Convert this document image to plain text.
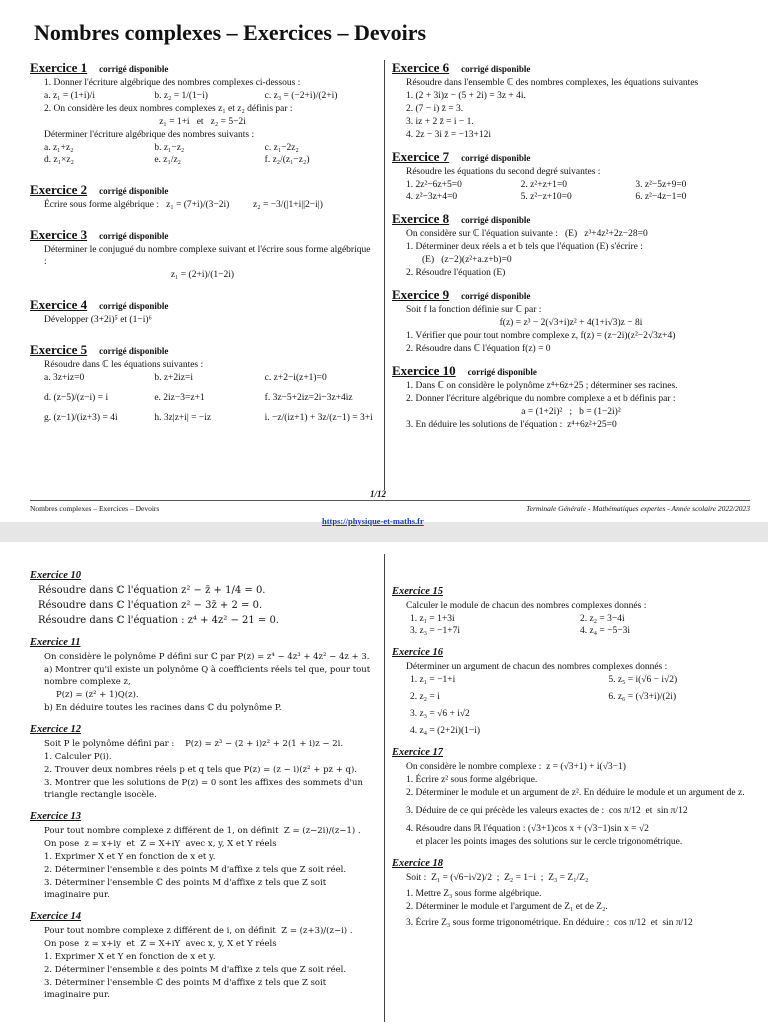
Nombres complexes – Exercices – Devoirs
Exercice 1 corrigé disponible
1. Donner l'écriture algébrique des nombres complexes ci-dessous :
a. z₁ = (1+i)/i	b. z₂ = 1/(1−i)	c. z₃ = (−2+i)/(2+i)
2. On considère les deux nombres complexes z₁ et z₂ définis par :
z₁ = 1+i   et   z₂ = 5−2i
Déterminer l'écriture algébrique des nombres suivants :
a. z₁+z₂	b. z₁−z₂	c. z₁−2z₂
d. z₁×z₂	e. z₁/z₂	f. z₂/(z₁−z₂)
Exercice 2 corrigé disponible
Écrire sous forme algébrique :   z₁ = (7+i)/(3−2i)          z₂ = −3/(|1+i||2−i|)
Exercice 3 corrigé disponible
Déterminer le conjugué du nombre complexe suivant et l'écrire sous forme algébrique :
z₁ = (2+i)/(1−2i)
Exercice 4 corrigé disponible
Développer (3+2i)⁵ et (1−i)⁶
Exercice 5 corrigé disponible
Résoudre dans ℂ les équations suivantes :
a. 3z+iz=0	b. z+2iz=i	c. z+2−i(z+1)=0
d. (z−5)/(z−i) = i	e. 2iz−3=z+1	f. 3z−5+2iz=2i−3z+4iz
g. (z−1)/(iz+3) = 4i	h. 3z|z+i| = −iz	i. −z/(iz+1) + 3z/(z−1) = 3+i
Exercice 6 corrigé disponible
Résoudre dans l'ensemble ℂ des nombres complexes, les équations suivantes
1. (2 + 3i)z − (5 + 2i) = 3z + 4i.
2. (7 − i) z̄ = 3.
3. iz + 2 z̄ = i − 1.
4. 2z − 3i z̄ = −13+12i
Exercice 7 corrigé disponible
Résoudre les équations du second degré suivantes :
1. 2z²−6z+5=0	2. z²+z+1=0	3. z²−5z+9=0
4. z²−3z+4=0	5. z²−z+10=0	6. z²−4z−1=0
Exercice 8 corrigé disponible
On considère sur ℂ l'équation suivante :   (E)   z³+4z²+2z−28=0
1. Déterminer deux réels a et b tels que l'équation (E) s'écrire :
(E)   (z−2)(z²+a.z+b)=0
2. Résoudre l'équation (E)
Exercice 9 corrigé disponible
Soit f la fonction définie sur ℂ par :
f(z) = z³ − 2(√3+i)z² + 4(1+i√3)z − 8i
1. Vérifier que pour tout nombre complexe z, f(z) = (z−2i)(z²−2√3z+4)
2. Résoudre dans ℂ l'équation f(z) = 0
Exercice 10 corrigé disponible
1. Dans ℂ on considère le polynôme z⁴+6z+25 ; déterminer ses racines.
2. Donner l'écriture algébrique du nombre complexe a et b définis par :
a = (1+2i)²   ;   b = (1−2i)²
3. En déduire les solutions de l'équation :  z⁴+6z²+25=0
Nombres complexes – Exercices – Devoirs
1/12
Terminale Générale - Mathématiques expertes - Année scolaire 2022/2023
https://physique-et-maths.fr
Exercice 10
Résoudre dans ℂ l'équation z² − z̄ + 1/4 = 0.
Résoudre dans ℂ l'équation z² − 3z̄ + 2 = 0.
Résoudre dans ℂ l'équation : z⁴ + 4z² − 21 = 0.
Exercice 11
On considère le polynôme P défini sur ℂ par P(z) = z⁴ − 4z³ + 4z² − 4z + 3.
a) Montrer qu'il existe un polynôme Q à coefficients réels tel que, pour tout nombre complexe z,
P(z) = (z² + 1)Q(z).
b) En déduire toutes les racines dans ℂ du polynôme P.
Exercice 12
Soit P le polynôme défini par :    P(z) = z³ − (2 + i)z² + 2(1 + i)z − 2i.
1. Calculer P(i).
2. Trouver deux nombres réels p et q tels que P(z) = (z − i)(z² + pz + q).
3. Montrer que les solutions de P(z) = 0 sont les affixes des sommets d'un triangle rectangle isocèle.
Exercice 13
Pour tout nombre complexe z différent de 1, on définit  Z = (z−2i)/(z−1) .
On pose  z = x+iy  et  Z = X+iY  avec x, y, X et Y réels
1. Exprimer X et Y en fonction de x et y.
2. Déterminer l'ensemble ε des points M d'affixe z tels que Z soit réel.
3. Déterminer l'ensemble ℂ des points M d'affixe z tels que Z soit imaginaire pur.
Exercice 14
Pour tout nombre complexe z différent de i, on définit  Z = (z+3)/(z−i) .
On pose  z = x+iy  et  Z = X+iY  avec x, y, X et Y réels
1. Exprimer X et Y en fonction de x et y.
2. Déterminer l'ensemble ε des points M d'affixe z tels que Z soit réel.
3. Déterminer l'ensemble ℂ des points M d'affixe z tels que Z soit imaginaire pur.
Exercice 15
Calculer le module de chacun des nombres complexes donnés :
1. z₁ = 1+3i	2. z₂ = 3−4i
3. z₃ = −1+7i	4. z₄ = −5−3i
Exercice 16
Déterminer un argument de chacun des nombres complexes donnés :
1. z₁ = −1+i	5. z₅ = i(√6 − i√2)
2. z₂ = i	6. z₆ = (√3+i)/(2i)
3. z₃ = √6 + i√2
4. z₄ = (2+2i)(1−i)
Exercice 17
On considère le nombre complexe :  z = (√3+1) + i(√3−1)
1. Écrire z² sous forme algébrique.
2. Déterminer le module et un argument de z². En déduire le module et un argument de z.
3. Déduire de ce qui précède les valeurs exactes de :  cos π/12  et  sin π/12
4. Résoudre dans ℝ l'équation : (√3+1)cos x + (√3−1)sin x = √2
et placer les points images des solutions sur le cercle trigonométrique.
Exercice 18
Soit :  Z₁ = (√6−i√2)/2  ;  Z₂ = 1−i  ;  Z₃ = Z₁/Z₂
1. Mettre Z₃ sous forme algébrique.
2. Déterminer le module et l'argument de Z₁ et de Z₂.
3. Écrire Z₃ sous forme trigonométrique. En déduire :  cos π/12  et  sin π/12
